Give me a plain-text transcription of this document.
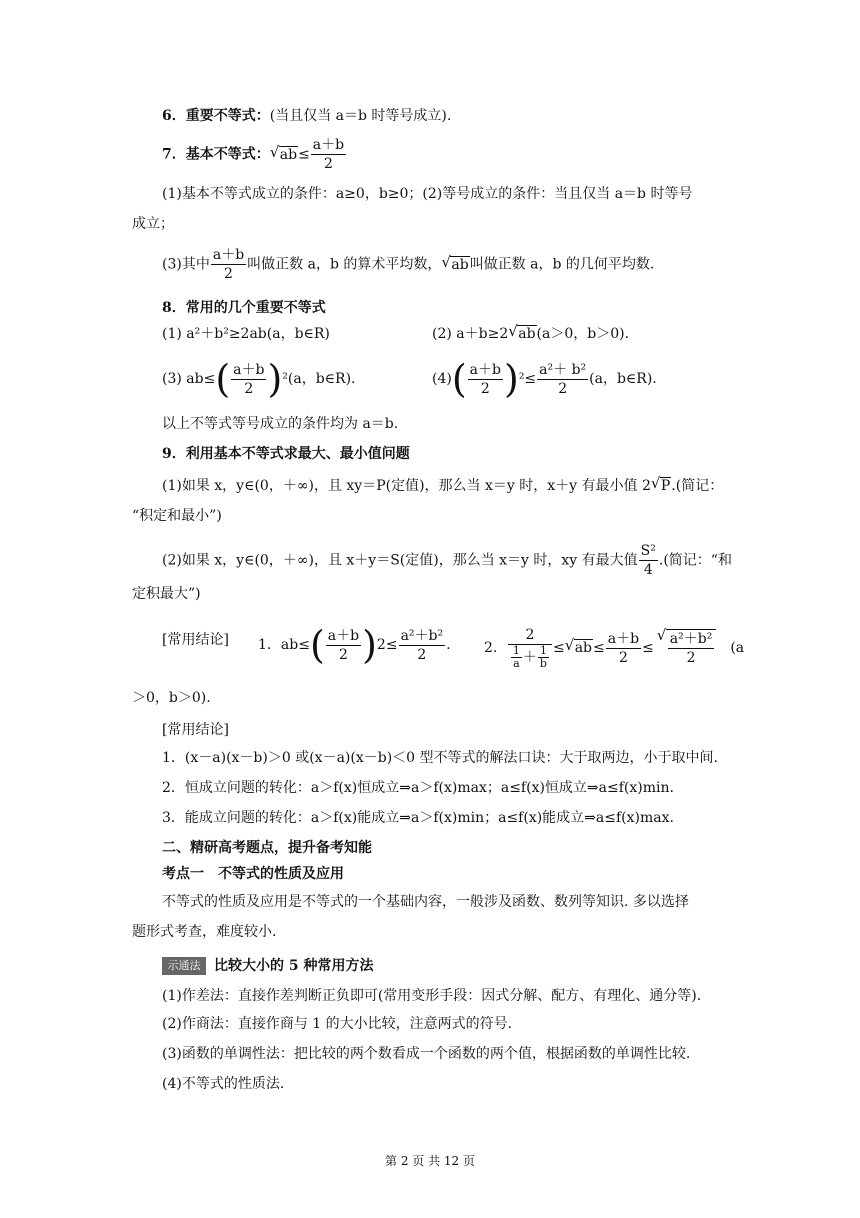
6．重要不等式：(当且仅当 a＝b 时等号成立).
7．基本不等式： √ $ab\le \frac{a+b}{2}$
(1)基本不等式成立的条件：a≥0，b≥0；(2)等号成立的条件：当且仅当 a＝b 时等号
成立；
(3)其中 $\frac{a+b}{2}$ 叫做正数 a，b 的算术平均数， √ ab叫做正数 a，b 的几何平均数.
8．常用的几个重要不等式
(1) a²＋b²≥2ab(a，b∈R)	(2) a＋b≥2 √ ab(a＞0，b＞0).
(3) $ab\le( \frac{a+b}{2} )^2(a$，b∈R).	$(4)( \frac{a+b}{2} )^2\le \frac{\text{a²＋ b²}}{2} (a$，b∈R).
以上不等式等号成立的条件均为 a＝b.
9．利用基本不等式求最大、最小值问题
(1)如果 x，y∈(0，＋∞)，且 xy＝P(定值)，那么当 x＝y 时，x＋y 有最小值 2 √ P.(简记：
“积定和最小”)
(2)如果 x，y∈(0，＋∞)，且 x＋y＝S(定值)，那么当 x＝y 时，xy 有最大值 $\frac{\text{S²}}{4}$ .(简记：“和
定积最大”)
[常用结论] 1．$ab\le( \frac{a+b}{2} )2\le \frac{\text{a²＋b²}}{2}$ . 2． $\frac{2}{\frac{1}{a} + \frac{1}{b}}$ ≤ √ $ab\le \frac{a+b}{2}$ ≤ √ $\frac{\text{a²＋b²}}{2} (a$
＞0，b＞0).
[常用结论]
1．(x－a)(x－b)＞0 或(x－a)(x－b)＜0 型不等式的解法口诀：大于取两边，小于取中间.
2．恒成立问题的转化：a＞f(x)恒成立⇒a＞f(x)max；a≤f(x)恒成立⇒a≤f(x)min.
3．能成立问题的转化：a＞f(x)能成立⇒a＞f(x)min；a≤f(x)能成立⇒a≤f(x)max.
二、精研高考题点，提升备考知能
考点一　不等式的性质及应用
不等式的性质及应用是不等式的一个基础内容，一般涉及函数、数列等知识. 多以选择
题形式考查，难度较小.
示通法 比较大小的 5 种常用方法
(1)作差法：直接作差判断正负即可(常用变形手段：因式分解、配方、有理化、通分等).
(2)作商法：直接作商与 1 的大小比较，注意两式的符号.
(3)函数的单调性法：把比较的两个数看成一个函数的两个值，根据函数的单调性比较.
(4)不等式的性质法.
第 2 页 共 12 页
